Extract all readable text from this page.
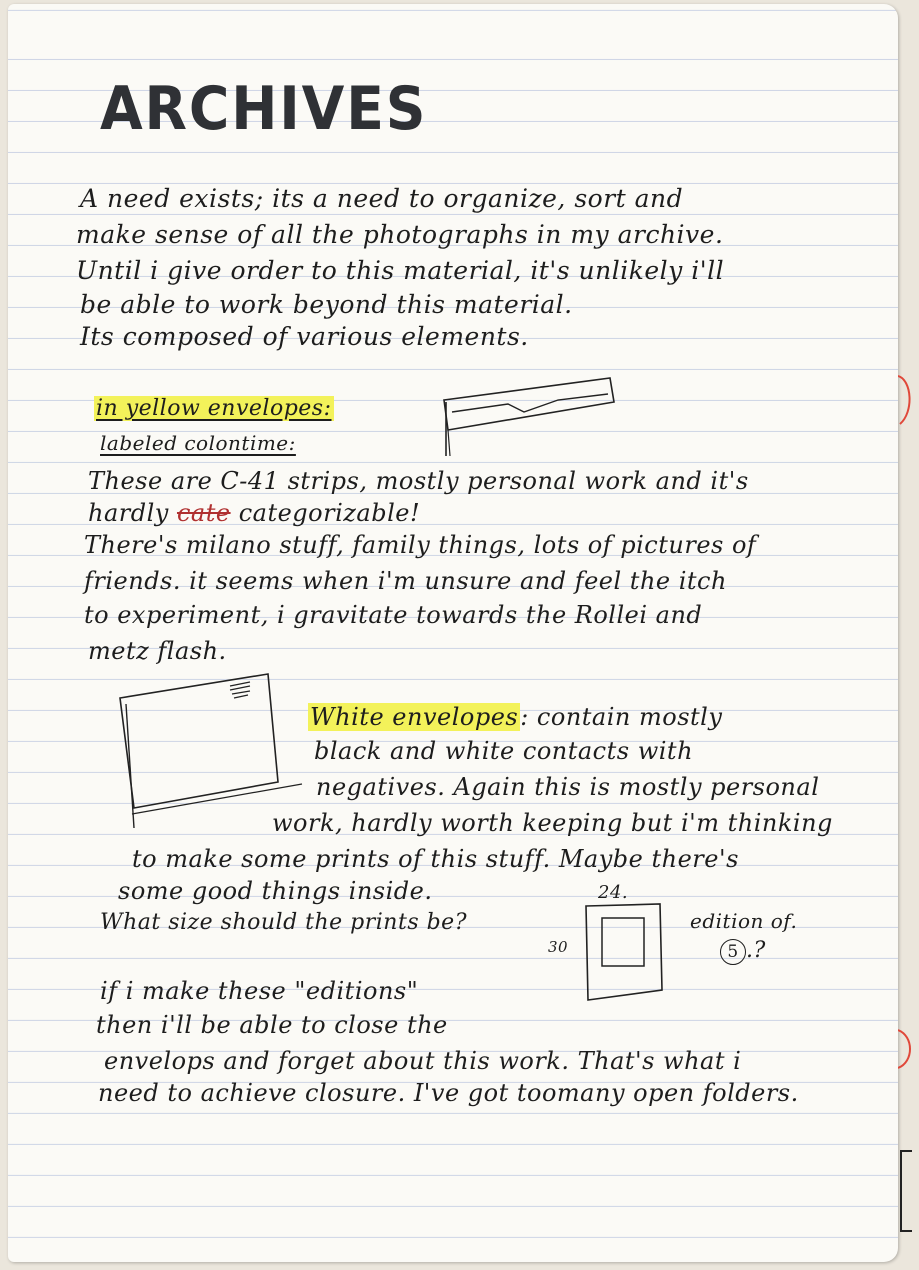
ARCHIVES
A need exists; its a need to organize, sort and
make sense of all the photographs in my archive.
Until i give order to this material, it's unlikely i'll
be able to work beyond this material.
Its composed of various elements.
in yellow envelopes:
labeled colontime:
These are C-41 strips, mostly personal work and it's
hardly cate categorizable!
There's milano stuff, family things, lots of pictures of
friends. it seems when i'm unsure and feel the itch
to experiment, i gravitate towards the Rollei and
metz flash.
White envelopes: contain mostly
black and white contacts with
negatives. Again this is mostly personal
work, hardly worth keeping but i'm thinking
to make some prints of this stuff. Maybe there's
some good things inside.
What size should the prints be?
24.
30
edition of.
5 .?
if i make these "editions"
then i'll be able to close the
envelops and forget about this work. That's what i
need to achieve closure. I've got toomany open folders.
